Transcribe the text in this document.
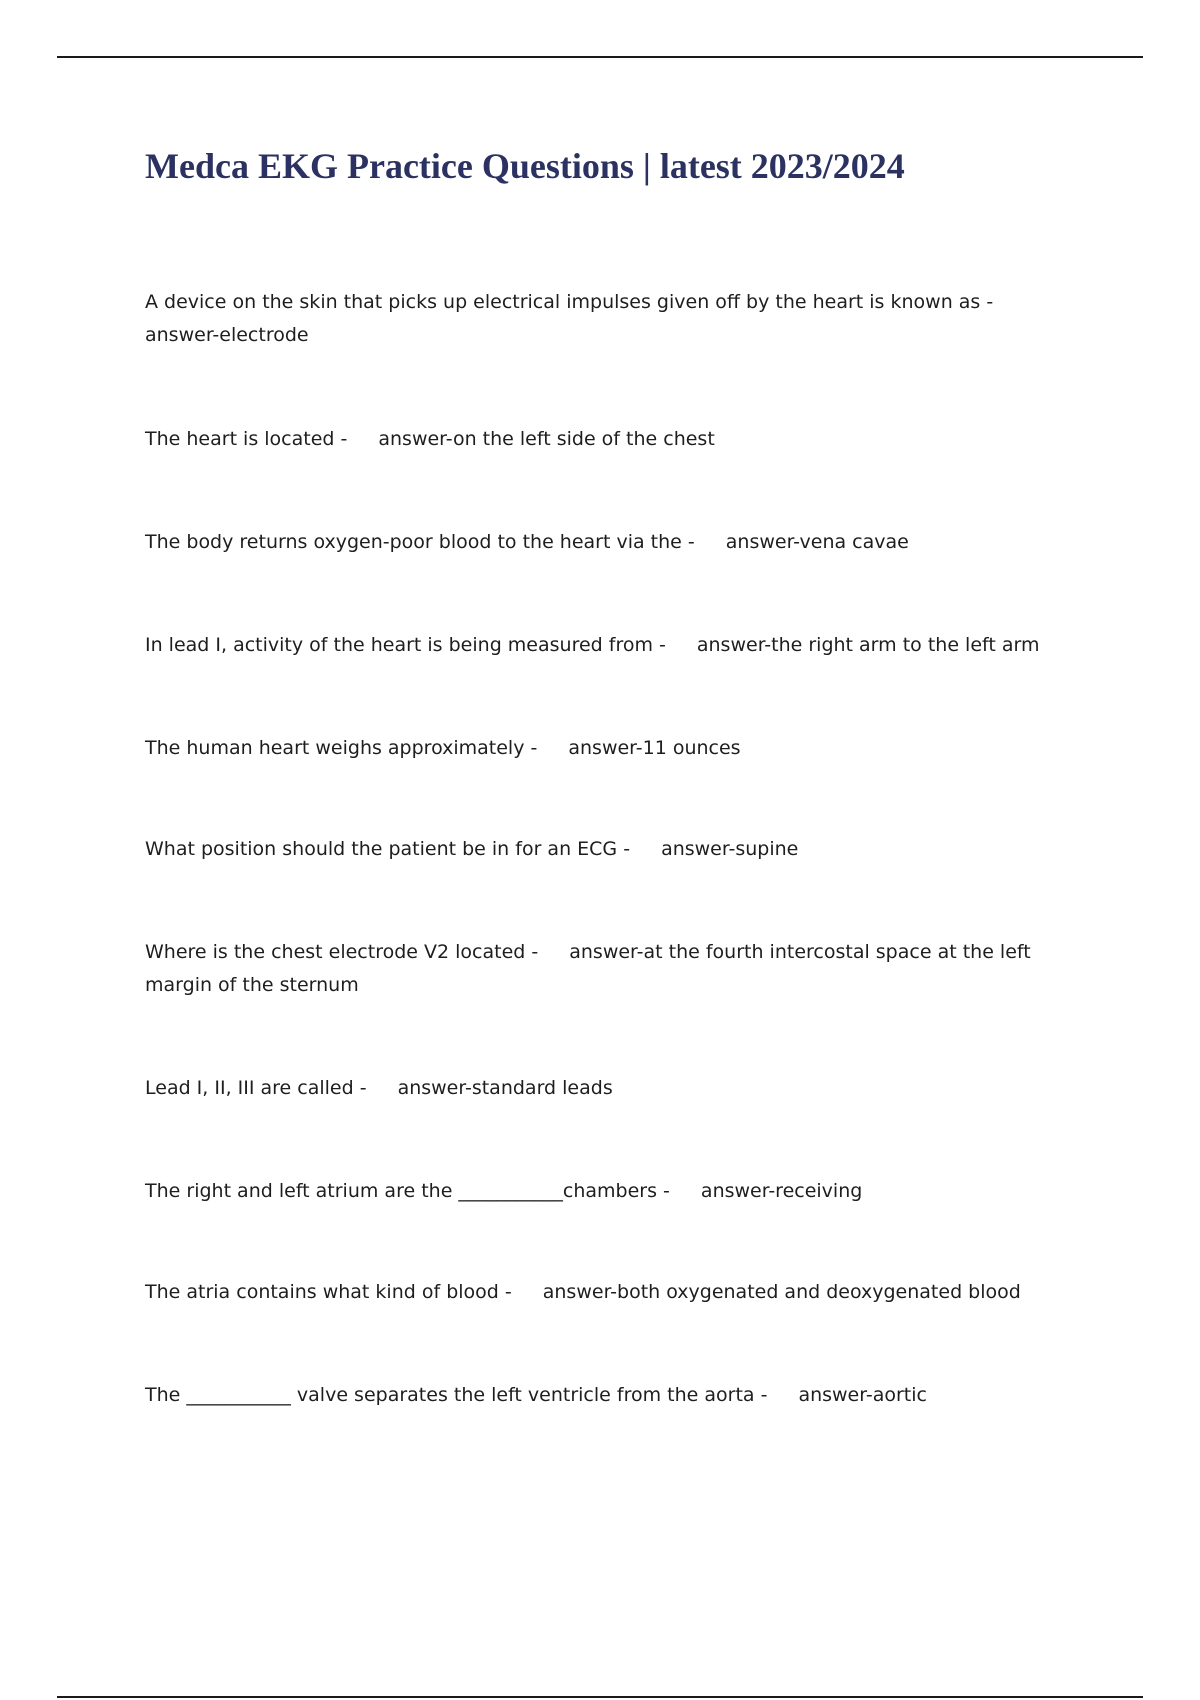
Medca EKG Practice Questions | latest 2023/2024

A device on the skin that picks up electrical impulses given off by the heart is known as -answer-electrode

The heart is located - answer-on the left side of the chest

The body returns oxygen-poor blood to the heart via the - answer-vena cavae

In lead I, activity of the heart is being measured from - answer-the right arm to the left arm

The human heart weighs approximately - answer-11 ounces

What position should the patient be in for an ECG - answer-supine

Where is the chest electrode V2 located - answer-at the fourth intercostal space at the left margin of the sternum

Lead I, II, III are called - answer-standard leads

The right and left atrium are the ___________chambers - answer-receiving

The atria contains what kind of blood - answer-both oxygenated and deoxygenated blood

The ___________ valve separates the left ventricle from the aorta - answer-aortic
